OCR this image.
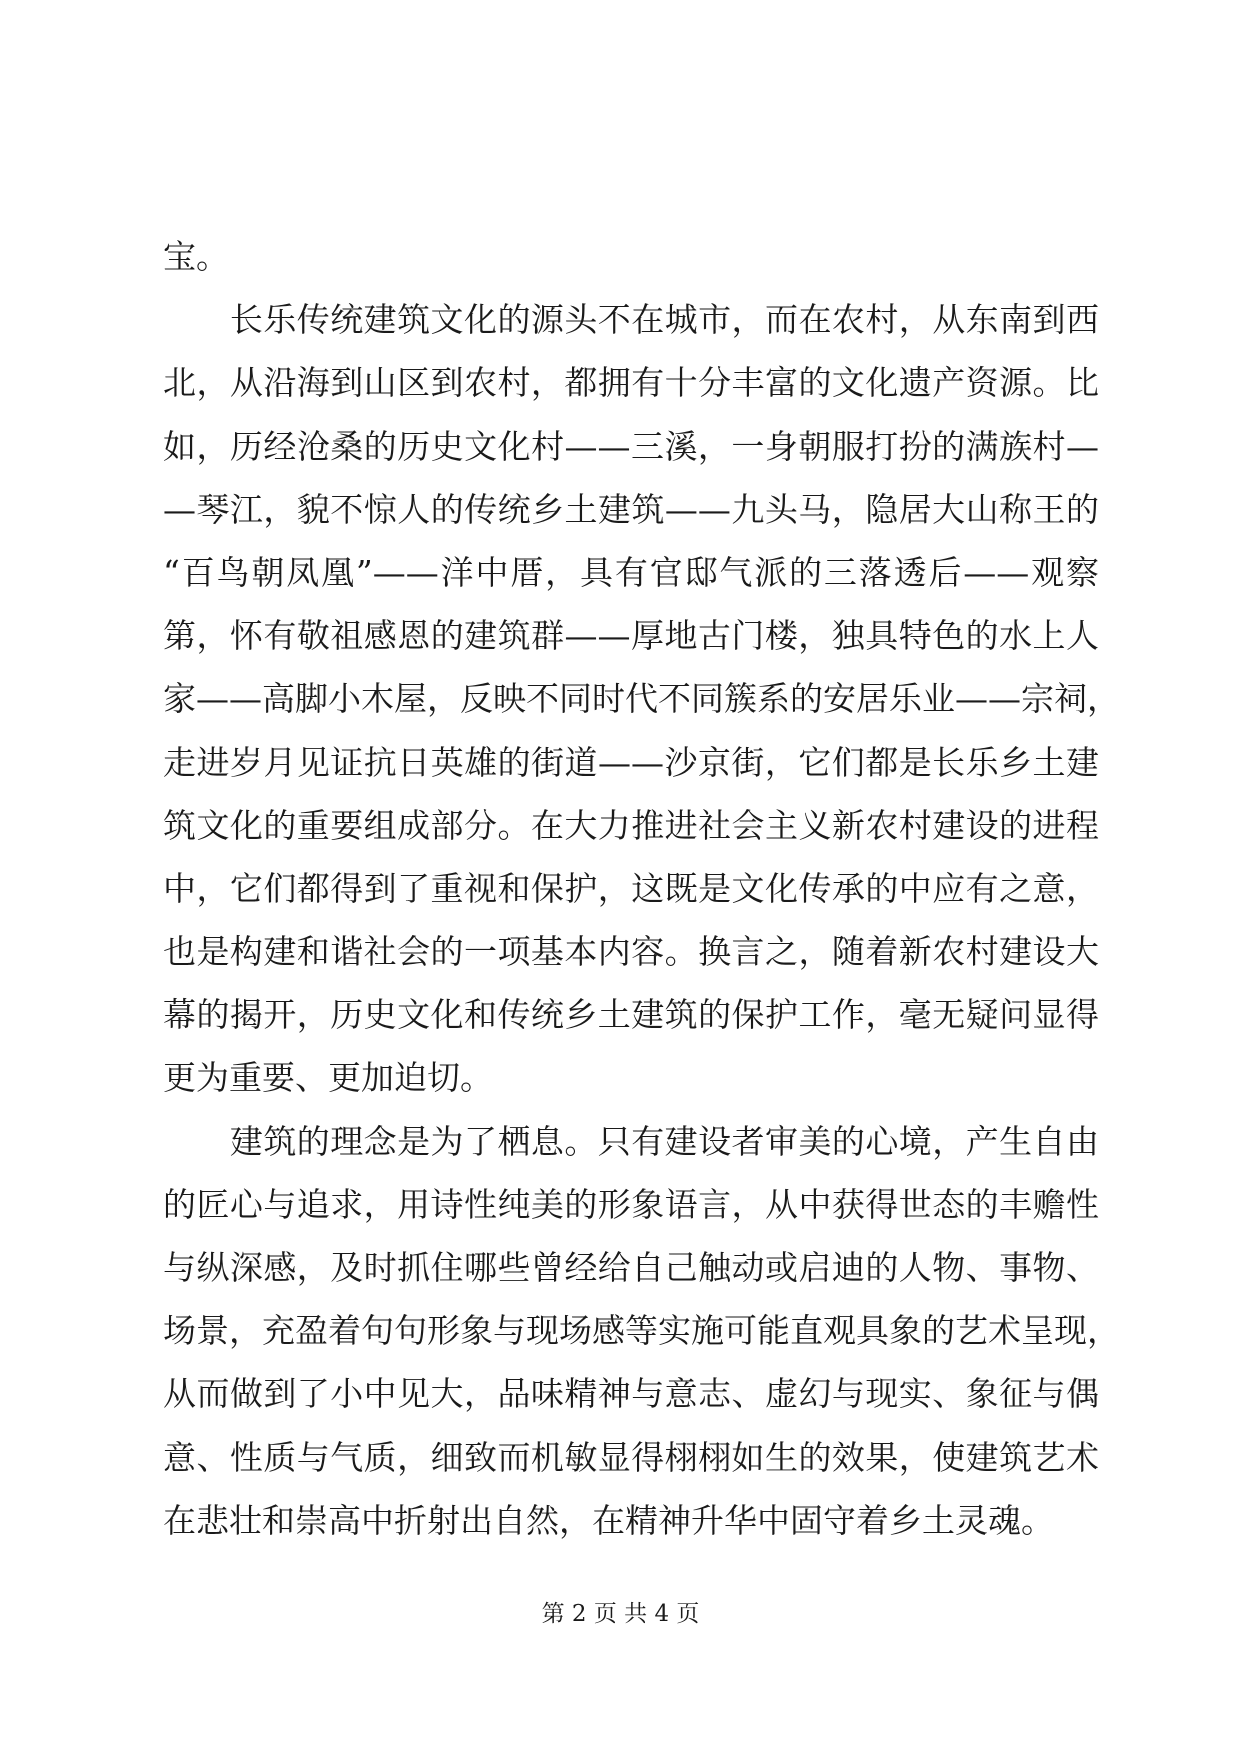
宝。
　　长乐传统建筑文化的源头不在城市，而在农村，从东南到西
北，从沿海到山区到农村，都拥有十分丰富的文化遗产资源。比
如，历经沧桑的历史文化村——三溪，一身朝服打扮的满族村—
—琴江，貌不惊人的传统乡土建筑——九头马，隐居大山称王的
“百鸟朝凤凰”——洋中厝，具有官邸气派的三落透后——观察
第，怀有敬祖感恩的建筑群——厚地古门楼，独具特色的水上人
家——高脚小木屋，反映不同时代不同簇系的安居乐业——宗祠，
走进岁月见证抗日英雄的街道——沙京街，它们都是长乐乡土建
筑文化的重要组成部分。在大力推进社会主义新农村建设的进程
中，它们都得到了重视和保护，这既是文化传承的中应有之意，
也是构建和谐社会的一项基本内容。换言之，随着新农村建设大
幕的揭开，历史文化和传统乡土建筑的保护工作，毫无疑问显得
更为重要、更加迫切。
　　建筑的理念是为了栖息。只有建设者审美的心境，产生自由
的匠心与追求，用诗性纯美的形象语言，从中获得世态的丰赡性
与纵深感，及时抓住哪些曾经给自己触动或启迪的人物、事物、
场景，充盈着句句形象与现场感等实施可能直观具象的艺术呈现，
从而做到了小中见大，品味精神与意志、虚幻与现实、象征与偶
意、性质与气质，细致而机敏显得栩栩如生的效果，使建筑艺术
在悲壮和崇高中折射出自然，在精神升华中固守着乡土灵魂。
第 2 页 共 4 页
